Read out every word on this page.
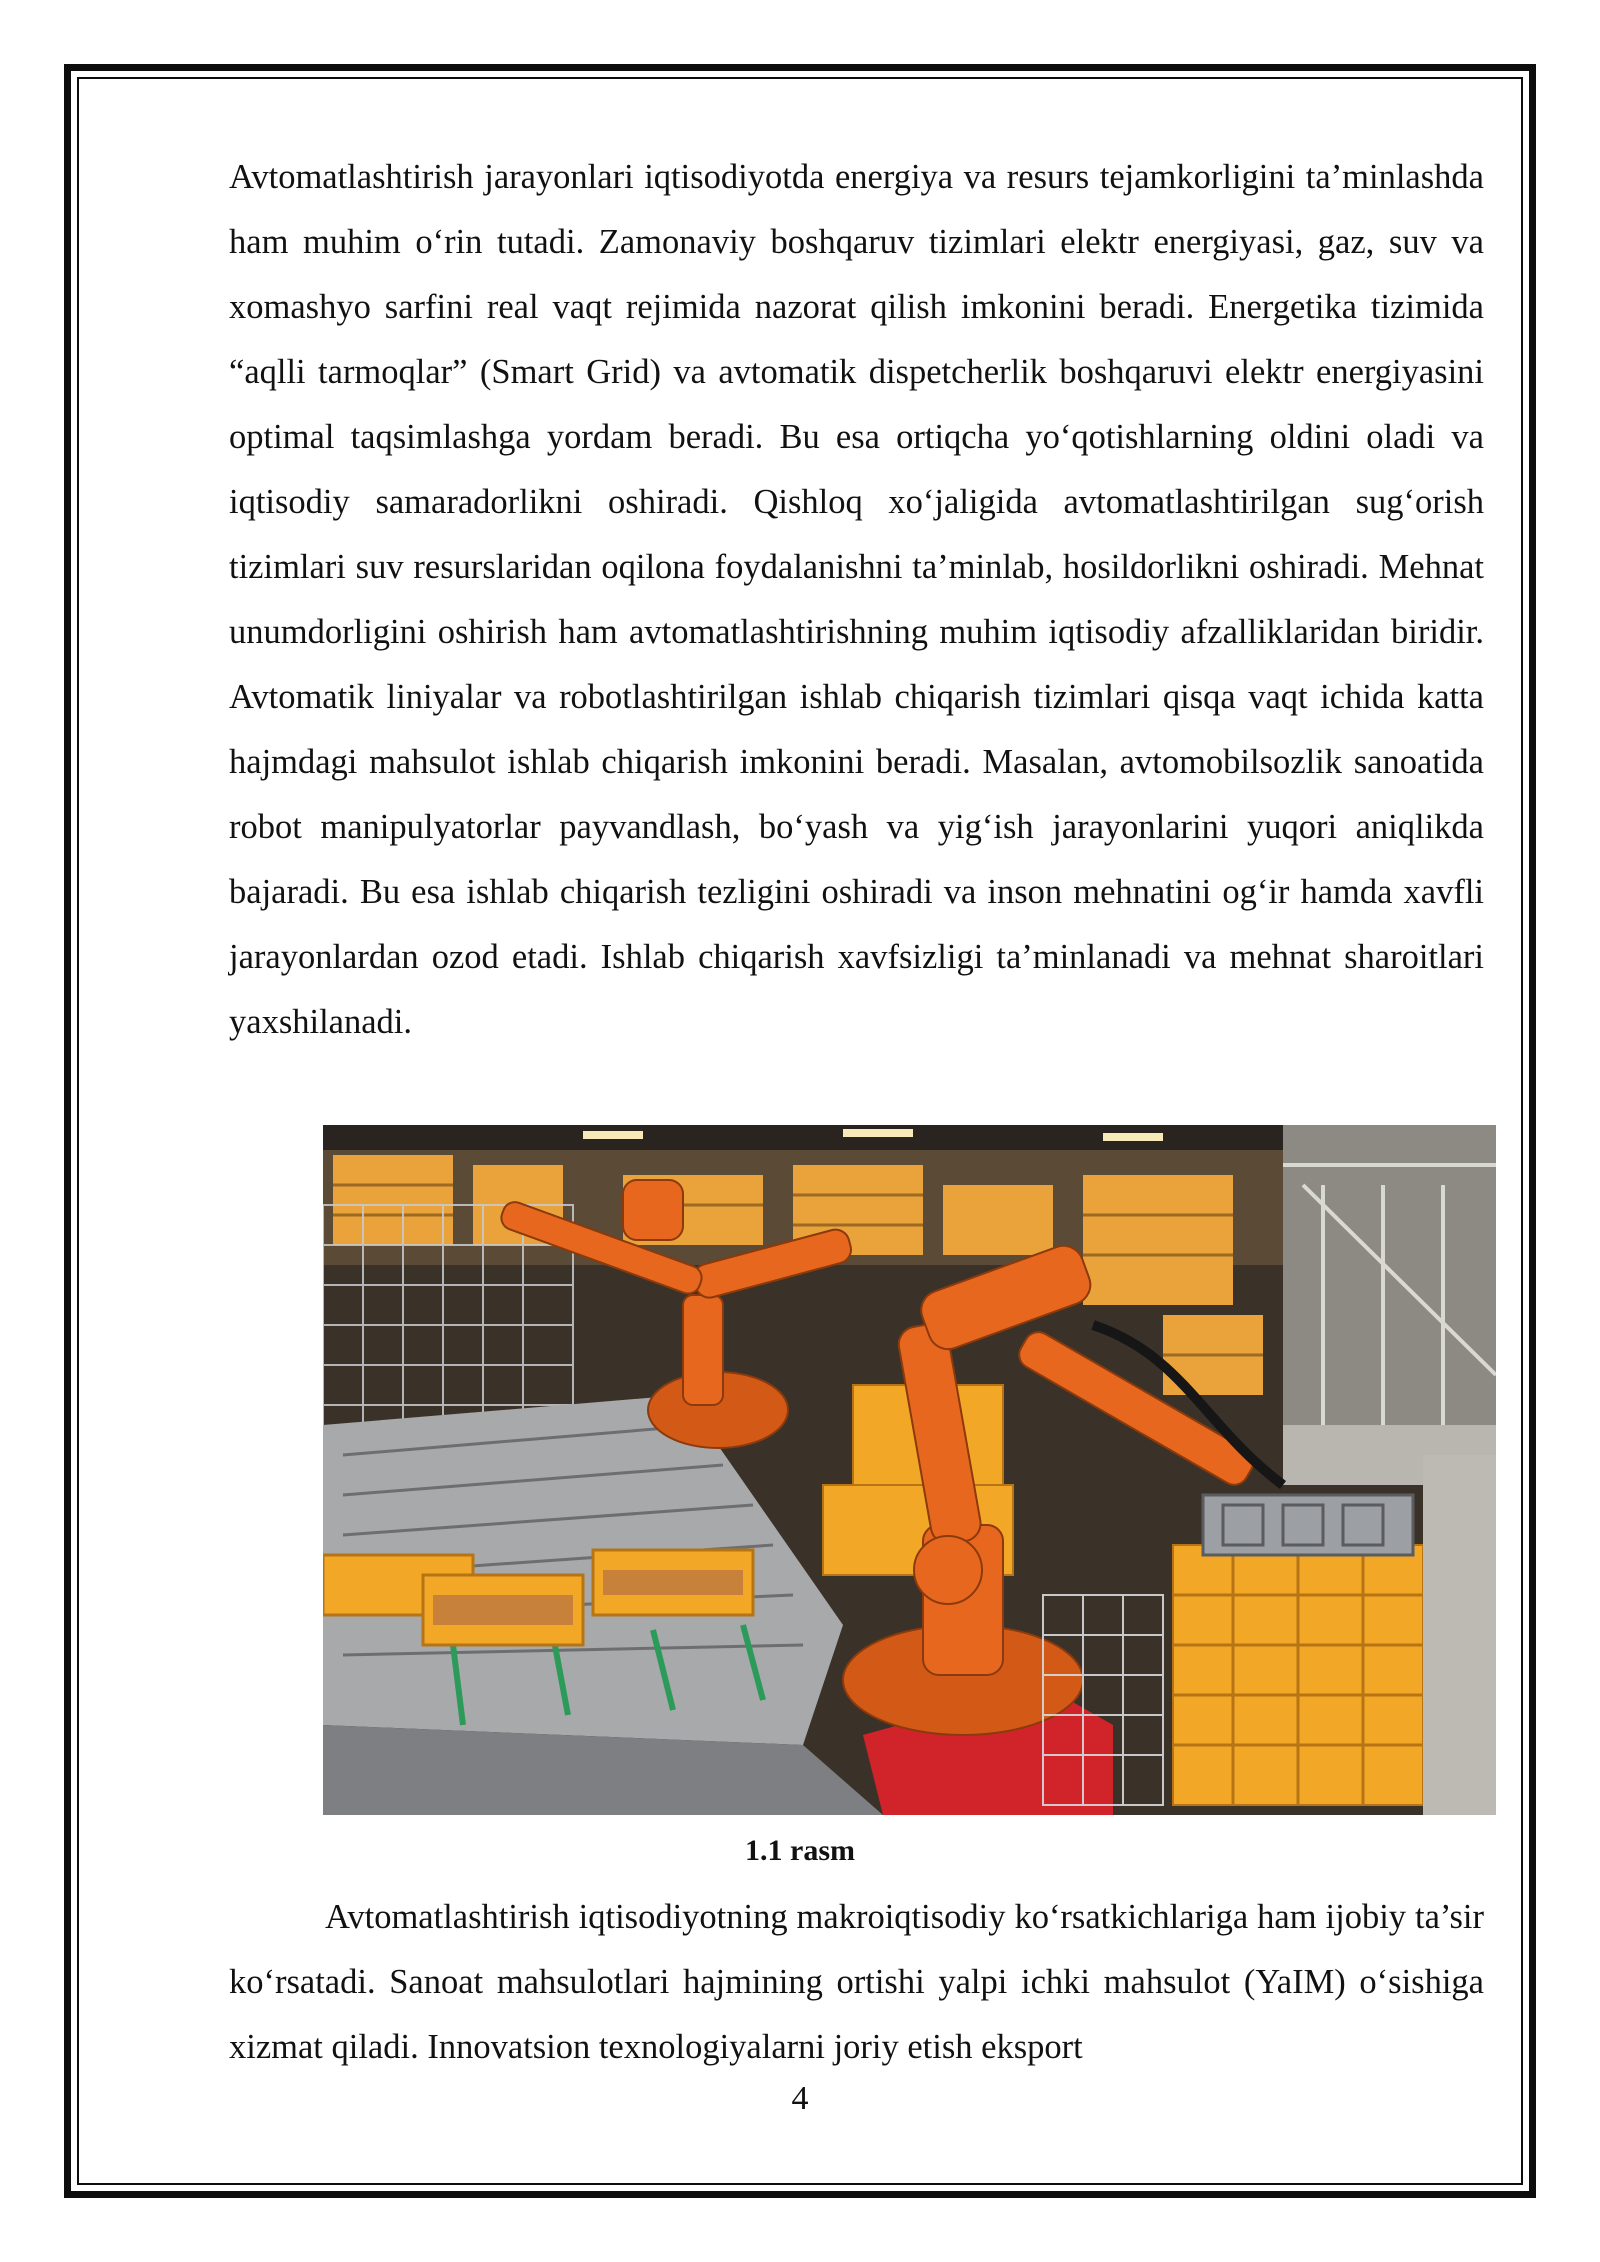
Avtomatlashtirish jarayonlari iqtisodiyotda energiya va resurs tejamkorligini ta’minlashda ham muhim o‘rin tutadi. Zamonaviy boshqaruv tizimlari elektr energiyasi, gaz, suv va xomashyo sarfini real vaqt rejimida nazorat qilish imkonini beradi. Energetika tizimida “aqlli tarmoqlar” (Smart Grid) va avtomatik dispetcherlik boshqaruvi elektr energiyasini optimal taqsimlashga yordam beradi. Bu esa ortiqcha yo‘qotishlarning oldini oladi va iqtisodiy samaradorlikni oshiradi. Qishloq xo‘jaligida avtomatlashtirilgan sug‘orish tizimlari suv resurslaridan oqilona foydalanishni ta’minlab, hosildorlikni oshiradi. Mehnat unumdorligini oshirish ham avtomatlashtirishning muhim iqtisodiy afzalliklaridan biridir. Avtomatik liniyalar va robotlashtirilgan ishlab chiqarish tizimlari qisqa vaqt ichida katta hajmdagi mahsulot ishlab chiqarish imkonini beradi. Masalan, avtomobilsozlik sanoatida robot manipulyatorlar payvandlash, bo‘yash va yig‘ish jarayonlarini yuqori aniqlikda bajaradi. Bu esa ishlab chiqarish tezligini oshiradi va inson mehnatini og‘ir hamda xavfli jarayonlardan ozod etadi. Ishlab chiqarish xavfsizligi ta’minlanadi va mehnat sharoitlari yaxshilanadi.

1.1 rasm

Avtomatlashtirish iqtisodiyotning makroiqtisodiy ko‘rsatkichlariga ham ijobiy ta’sir ko‘rsatadi. Sanoat mahsulotlari hajmining ortishi yalpi ichki mahsulot (YaIM) o‘sishiga xizmat qiladi. Innovatsion texnologiyalarni joriy etish eksport

4
